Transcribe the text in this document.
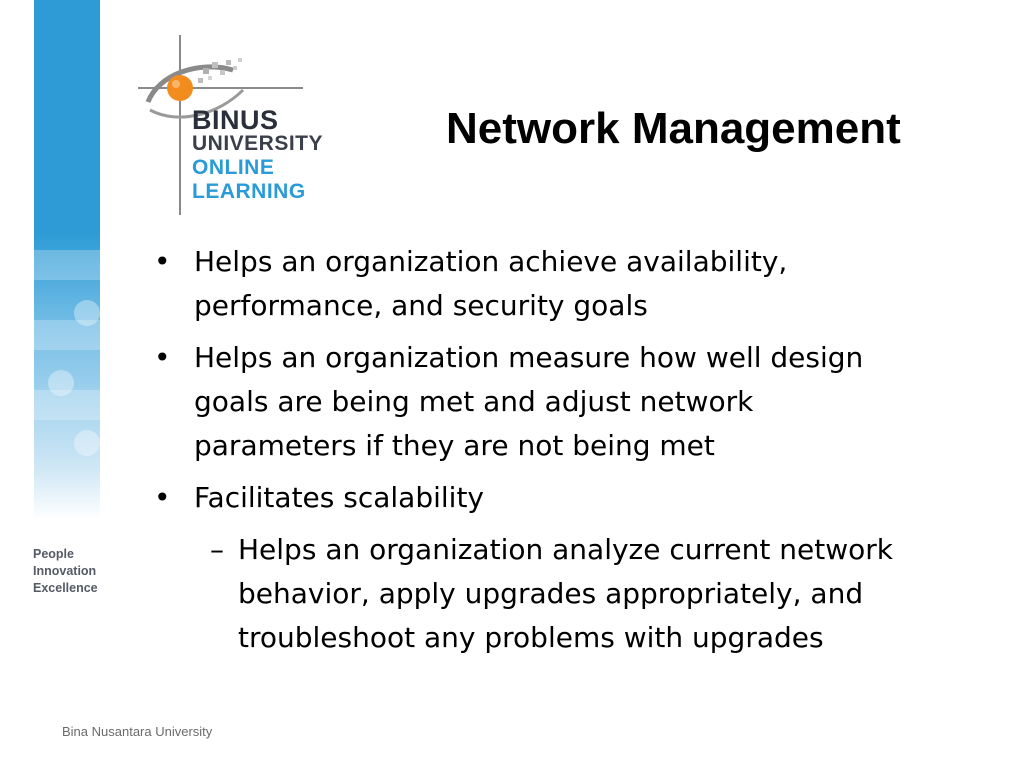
People
Innovation
Excellence
BINUS
UNIVERSITY
ONLINE
LEARNING
Network Management
• Helps an organization achieve availability,
performance, and security goals
• Helps an organization measure how well design
goals are being met and adjust network
parameters if they are not being met
• Facilitates scalability
– Helps an organization analyze current network
behavior, apply upgrades appropriately, and
troubleshoot any problems with upgrades
Bina Nusantara University
